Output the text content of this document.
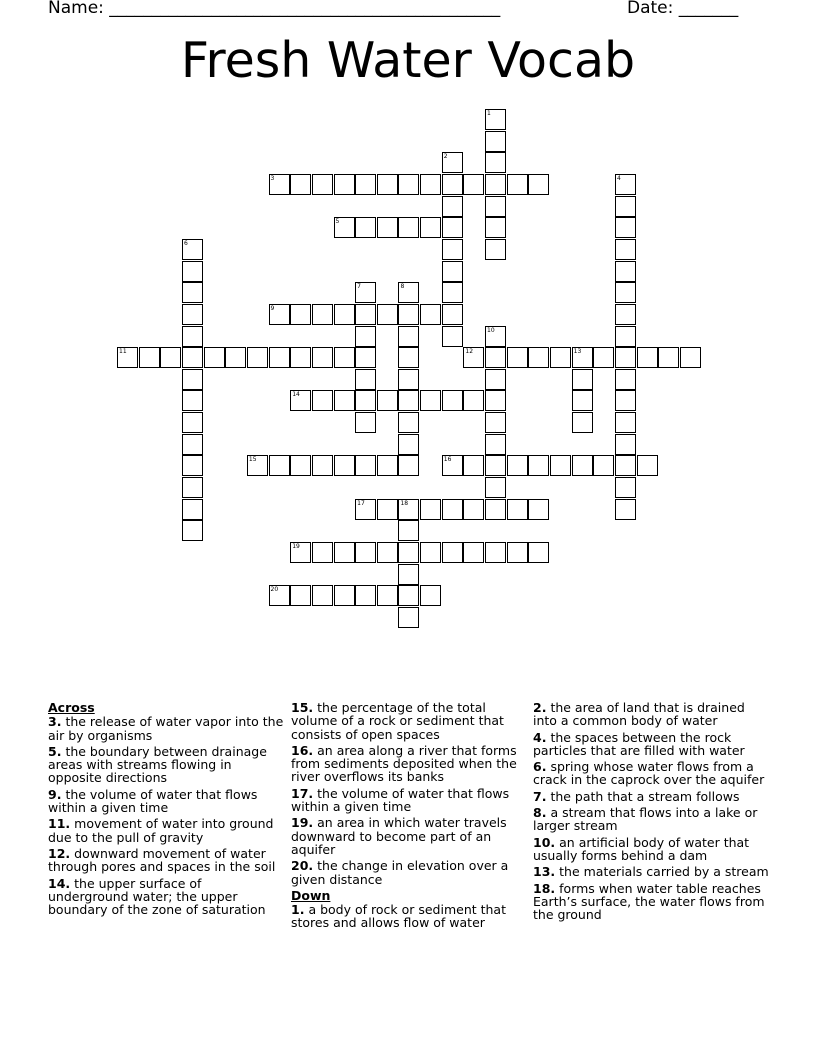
Name: ______________________________________________	Date: _______
Fresh Water Vocab
1
2
3	4
5
6
7	8
9
10
11	12	13
14
15	16
17	18
19
20
Across
3. the release of water vapor into the air by organisms
5. the boundary between drainage areas with streams flowing in opposite directions
9. the volume of water that flows within a given time
11. movement of water into ground due to the pull of gravity
12. downward movement of water through pores and spaces in the soil
14. the upper surface of underground water; the upper boundary of the zone of saturation
15. the percentage of the total volume of a rock or sediment that consists of open spaces
16. an area along a river that forms from sediments deposited when the river overflows its banks
17. the volume of water that flows within a given time
19. an area in which water travels downward to become part of an aquifer
20. the change in elevation over a given distance
Down
1. a body of rock or sediment that stores and allows flow of water
2. the area of land that is drained into a common body of water
4. the spaces between the rock particles that are filled with water
6. spring whose water flows from a crack in the caprock over the aquifer
7. the path that a stream follows
8. a stream that flows into a lake or larger stream
10. an artificial body of water that usually forms behind a dam
13. the materials carried by a stream
18. forms when water table reaches Earth’s surface, the water flows from the ground
